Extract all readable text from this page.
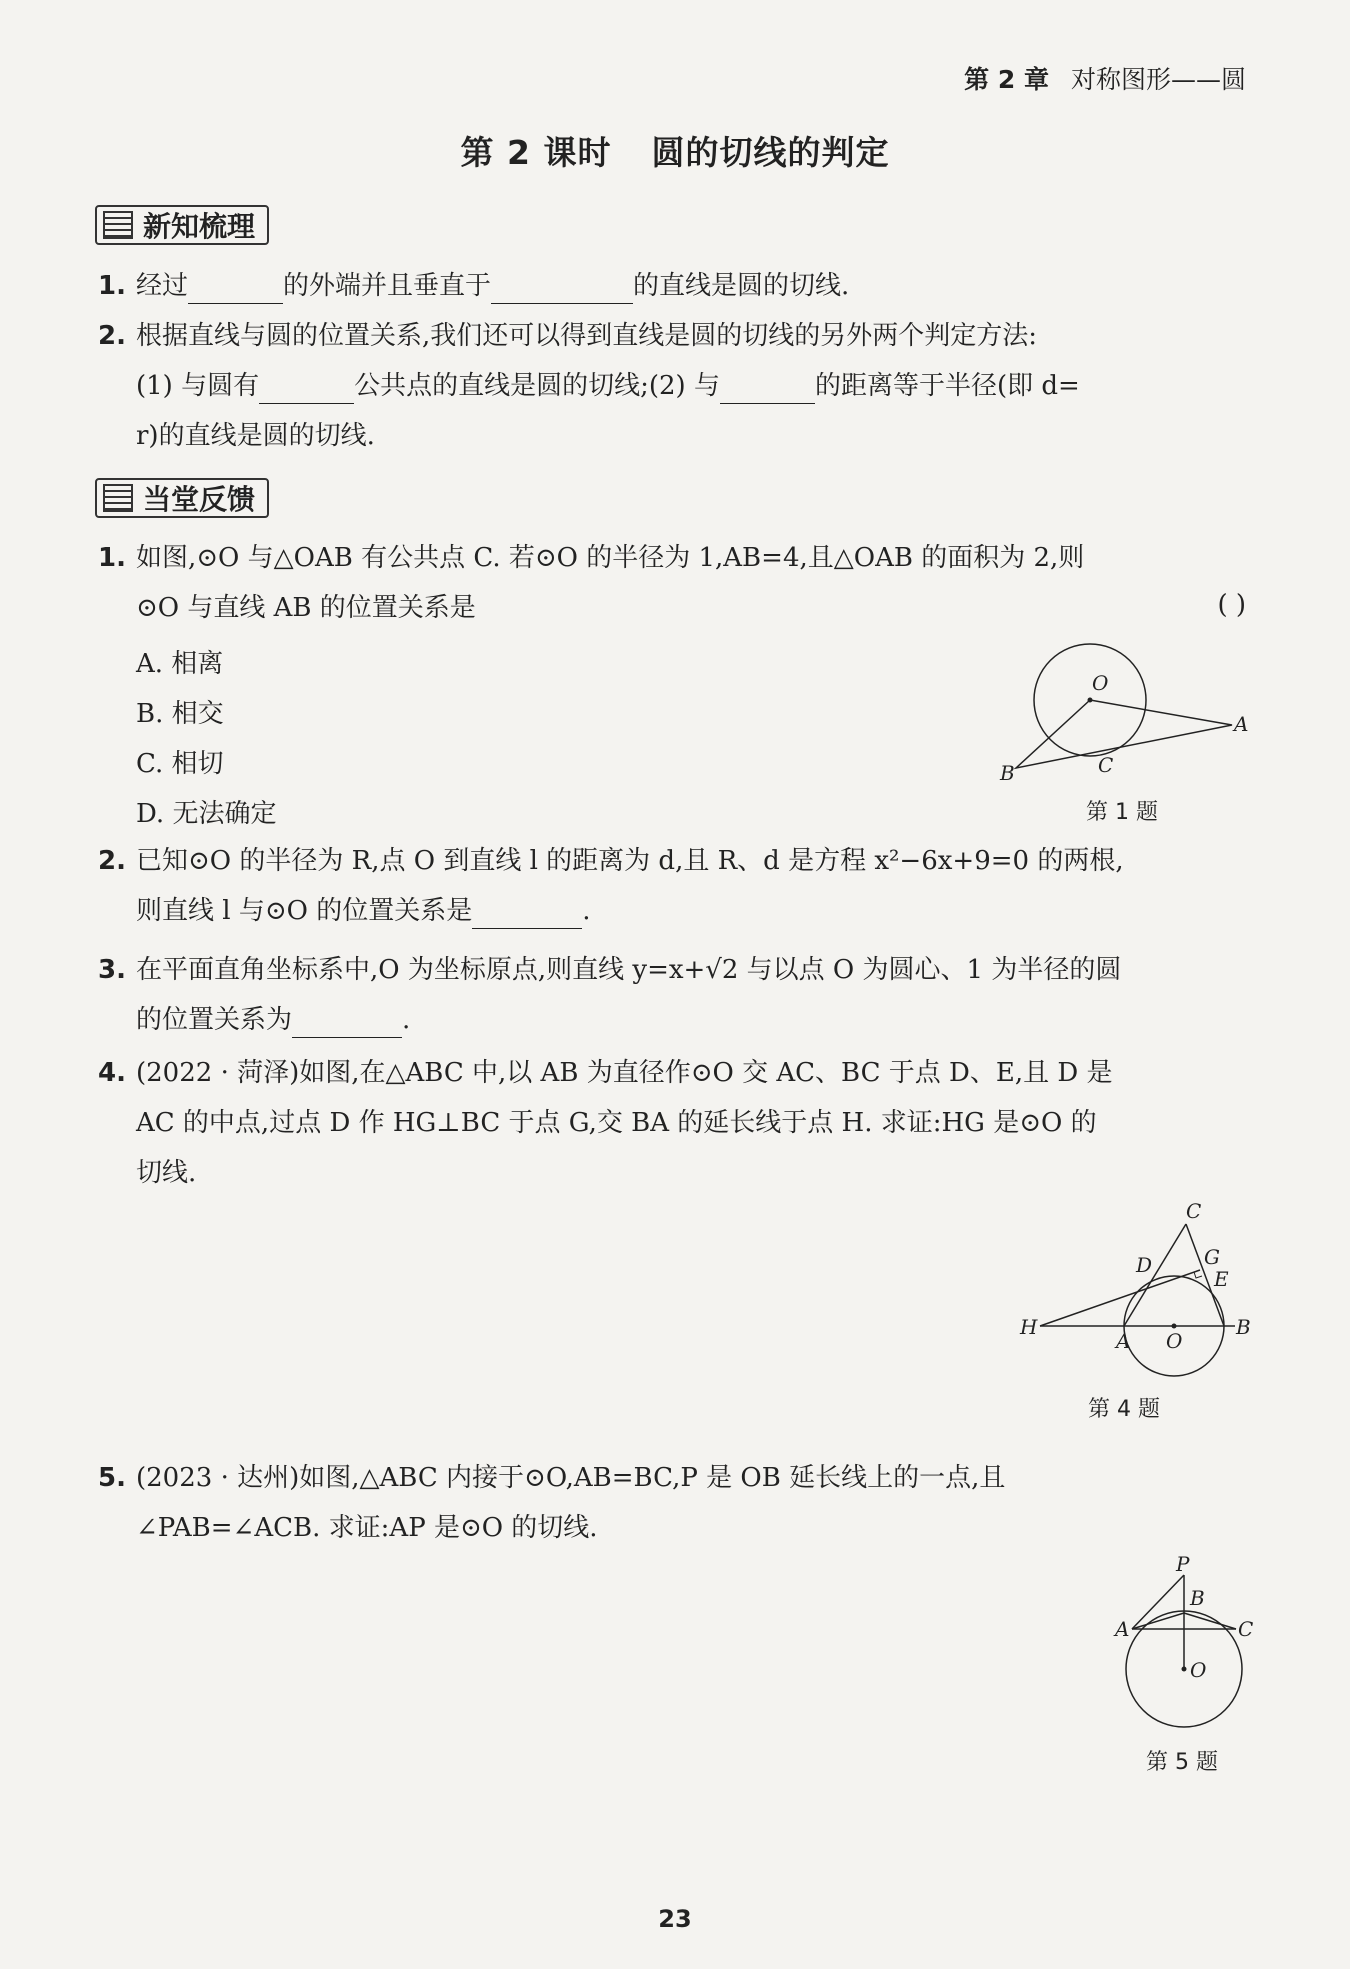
第 2 章 对称图形——圆
第 2 课时 圆的切线的判定
新知梳理
1. 经过	的外端并且垂直于	的直线是圆的切线.
2. 根据直线与圆的位置关系,我们还可以得到直线是圆的切线的另外两个判定方法:
(1) 与圆有	公共点的直线是圆的切线;(2) 与	的距离等于半径(即 d=
r)的直线是圆的切线.
当堂反馈
1. 如图,⊙O 与△OAB 有公共点 C. 若⊙O 的半径为 1,AB=4,且△OAB 的面积为 2,则
⊙O 与直线 AB 的位置关系是	( )
A. 相离
B. 相交
C. 相切
D. 无法确定
O
A
B	C
第 1 题
2. 已知⊙O 的半径为 R,点 O 到直线 l 的距离为 d,且 R、d 是方程 x²−6x+9=0 的两根,
则直线 l 与⊙O 的位置关系是	.
3. 在平面直角坐标系中,O 为坐标原点,则直线 y=x+√2 与以点 O 为圆心、1 为半径的圆
的位置关系为	.
4. (2022 · 菏泽)如图,在△ABC 中,以 AB 为直径作⊙O 交 AC、BC 于点 D、E,且 D 是
AC 的中点,过点 D 作 HG⊥BC 于点 G,交 BA 的延长线于点 H. 求证:HG 是⊙O 的
切线.
C
G
D
E
H
A O
B
第 4 题
5. (2023 · 达州)如图,△ABC 内接于⊙O,AB=BC,P 是 OB 延长线上的一点,且
∠PAB=∠ACB. 求证:AP 是⊙O 的切线.
P
B
A	C
O
第 5 题
23
